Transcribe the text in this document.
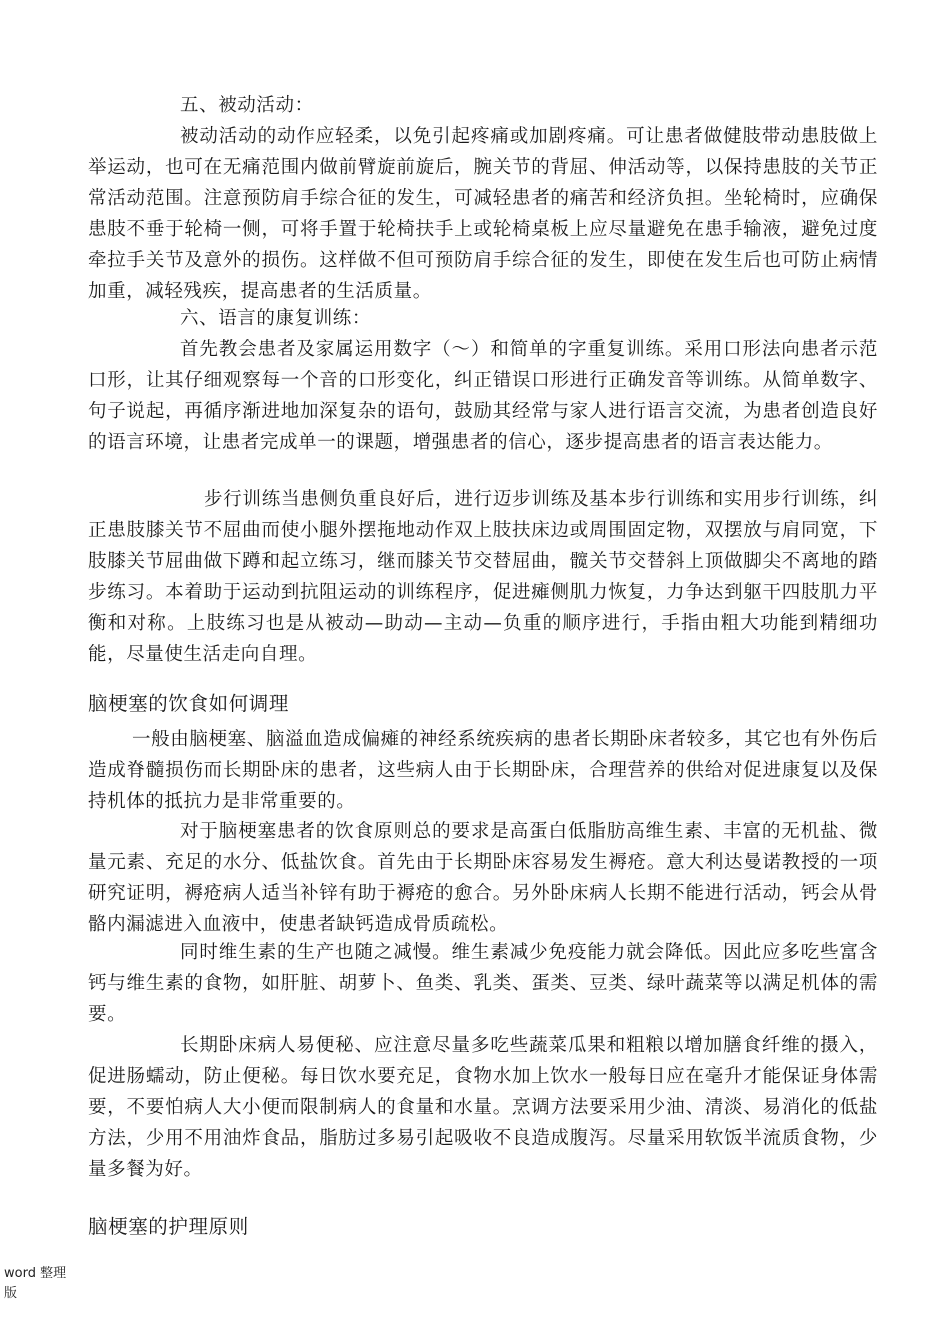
五、被动活动：

被动活动的动作应轻柔，以免引起疼痛或加剧疼痛。可让患者做健肢带动患肢做上举运动，也可在无痛范围内做前臂旋前旋后，腕关节的背屈、伸活动等，以保持患肢的关节正常活动范围。注意预防肩手综合征的发生，可减轻患者的痛苦和经济负担。坐轮椅时，应确保患肢不垂于轮椅一侧，可将手置于轮椅扶手上或轮椅桌板上应尽量避免在患手输液，避免过度牵拉手关节及意外的损伤。这样做不但可预防肩手综合征的发生，即使在发生后也可防止病情加重，减轻残疾，提高患者的生活质量。

六、语言的康复训练：

首先教会患者及家属运用数字（〜）和简单的字重复训练。采用口形法向患者示范口形，让其仔细观察每一个音的口形变化，纠正错误口形进行正确发音等训练。从简单数字、句子说起，再循序渐进地加深复杂的语句，鼓励其经常与家人进行语言交流，为患者创造良好的语言环境，让患者完成单一的课题，增强患者的信心，逐步提高患者的语言表达能力。

步行训练当患侧负重良好后，进行迈步训练及基本步行训练和实用步行训练，纠正患肢膝关节不屈曲而使小腿外摆拖地动作双上肢扶床边或周围固定物，双摆放与肩同宽，下肢膝关节屈曲做下蹲和起立练习，继而膝关节交替屈曲，髋关节交替斜上顶做脚尖不离地的踏步练习。本着助于运动到抗阻运动的训练程序，促进瘫侧肌力恢复，力争达到躯干四肢肌力平衡和对称。上肢练习也是从被动—助动—主动—负重的顺序进行，手指由粗大功能到精细功能，尽量使生活走向自理。

脑梗塞的饮食如何调理

一般由脑梗塞、脑溢血造成偏瘫的神经系统疾病的患者长期卧床者较多，其它也有外伤后造成脊髓损伤而长期卧床的患者，这些病人由于长期卧床，合理营养的供给对促进康复以及保持机体的抵抗力是非常重要的。

对于脑梗塞患者的饮食原则总的要求是高蛋白低脂肪高维生素、丰富的无机盐、微量元素、充足的水分、低盐饮食。首先由于长期卧床容易发生褥疮。意大利达曼诺教授的一项研究证明，褥疮病人适当补锌有助于褥疮的愈合。另外卧床病人长期不能进行活动，钙会从骨骼内漏滤进入血液中，使患者缺钙造成骨质疏松。

同时维生素的生产也随之减慢。维生素减少免疫能力就会降低。因此应多吃些富含钙与维生素的食物，如肝脏、胡萝卜、鱼类、乳类、蛋类、豆类、绿叶蔬菜等以满足机体的需要。

长期卧床病人易便秘、应注意尽量多吃些蔬菜瓜果和粗粮以增加膳食纤维的摄入，促进肠蠕动，防止便秘。每日饮水要充足，食物水加上饮水一般每日应在毫升才能保证身体需要，不要怕病人大小便而限制病人的食量和水量。烹调方法要采用少油、清淡、易消化的低盐方法，少用不用油炸食品，脂肪过多易引起吸收不良造成腹泻。尽量采用软饭半流质食物，少量多餐为好。

脑梗塞的护理原则

word 整理版
